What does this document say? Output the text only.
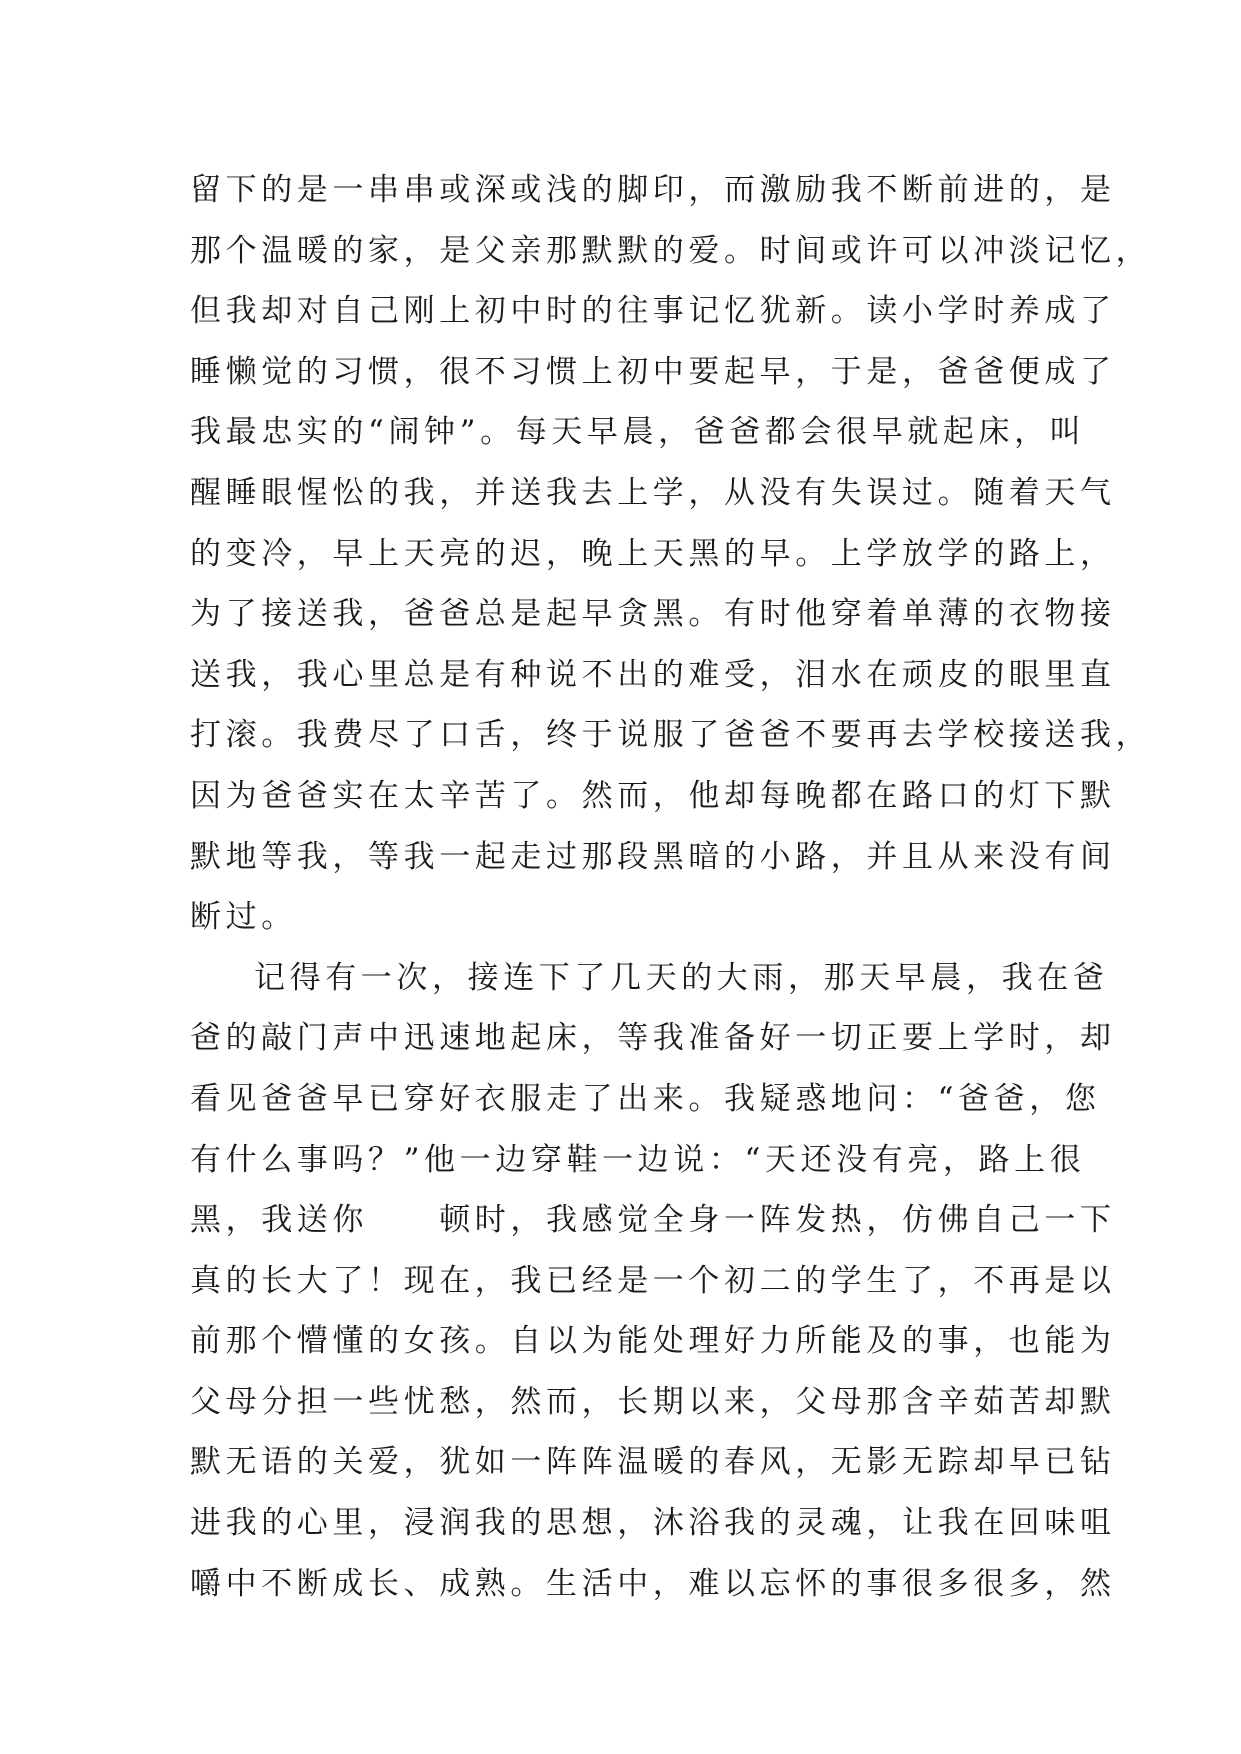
留下的是一串串或深或浅的脚印，而激励我不断前进的，是
那个温暖的家，是父亲那默默的爱。时间或许可以冲淡记忆，
但我却对自己刚上初中时的往事记忆犹新。读小学时养成了
睡懒觉的习惯，很不习惯上初中要起早，于是，爸爸便成了
我最忠实的“闹钟”。每天早晨，爸爸都会很早就起床，叫
醒睡眼惺忪的我，并送我去上学，从没有失误过。随着天气
的变冷，早上天亮的迟，晚上天黑的早。上学放学的路上，
为了接送我，爸爸总是起早贪黑。有时他穿着单薄的衣物接
送我，我心里总是有种说不出的难受，泪水在顽皮的眼里直
打滚。我费尽了口舌，终于说服了爸爸不要再去学校接送我，
因为爸爸实在太辛苦了。然而，他却每晚都在路口的灯下默
默地等我，等我一起走过那段黑暗的小路，并且从来没有间
断过。
记得有一次，接连下了几天的大雨，那天早晨，我在爸
爸的敲门声中迅速地起床，等我准备好一切正要上学时，却
看见爸爸早已穿好衣服走了出来。我疑惑地问：“爸爸，您
有什么事吗？”他一边穿鞋一边说：“天还没有亮，路上很
黑，我送你　　顿时，我感觉全身一阵发热，仿佛自己一下
真的长大了！现在，我已经是一个初二的学生了，不再是以
前那个懵懂的女孩。自以为能处理好力所能及的事，也能为
父母分担一些忧愁，然而，长期以来，父母那含辛茹苦却默
默无语的关爱，犹如一阵阵温暖的春风，无影无踪却早已钻
进我的心里，浸润我的思想，沐浴我的灵魂，让我在回味咀
嚼中不断成长、成熟。生活中，难以忘怀的事很多很多，然
